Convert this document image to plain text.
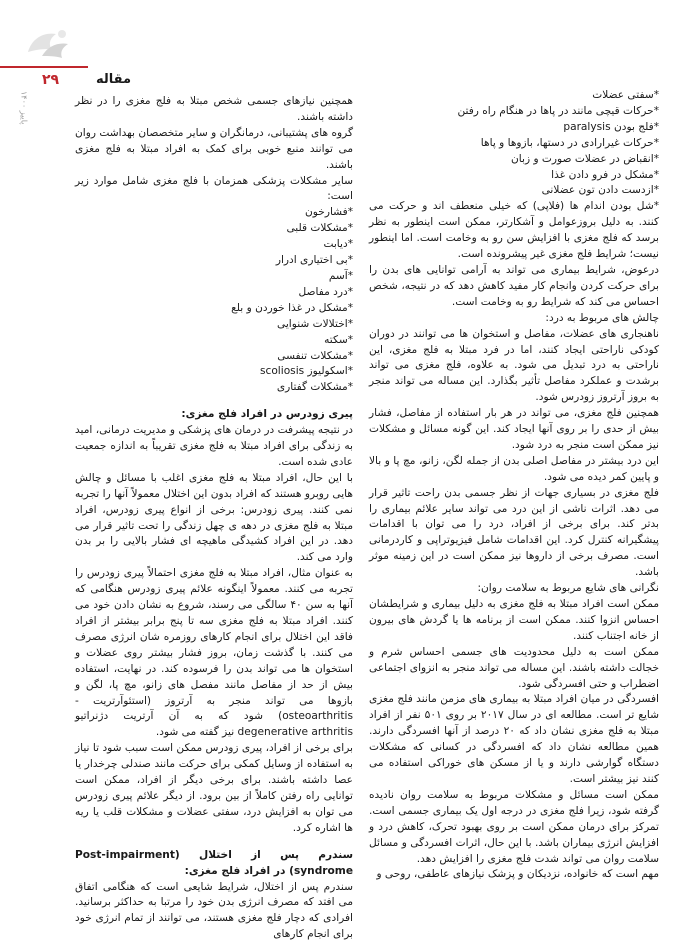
۲۹	مقاله
پاییز ۱۴۰۰

*سفتی عضلات

*حرکات قیچی مانند در پاها در هنگام راه رفتن

*فلج بودن paralysis

*حرکات غیرارادی در دستها، بازوها و پاها

*انقباض در عضلات صورت و زبان

*مشکل در فرو دادن غذا

*ازدست دادن تون عضلانی

*شل بودن اندام ها (فلاپی) که خیلی منعطف اند و حرکت می کنند. به دلیل بروزعوامل و آشکارتر، ممکن است اینطور به نظر برسد که فلج مغزی با افزایش سن رو به وخامت است. اما اینطور نیست؛ شرایط فلج مغزی غیر پیشرونده است.

درعوض، شرایط بیماری می تواند به آرامی توانایی های بدن را برای حرکت کردن وانجام کار مفید کاهش دهد که در نتیجه، شخص احساس می کند که شرایط رو به وخامت است.

چالش های مربوط به درد:

ناهنجاری های عضلات، مفاصل و استخوان ها می توانند در دوران کودکی ناراحتی ایجاد کنند، اما در فرد مبتلا به فلج مغزی، این ناراحتی به درد تبدیل می شود. به علاوه، فلج مغزی می تواند برشدت و عملکرد مفاصل تأثیر بگذارد. این مساله می تواند منجر به بروز آرتروز زودرس شود.

همچنین فلج مغزی، می تواند در هر بار استفاده از مفاصل، فشار بیش از حدی را بر روی آنها ایجاد کند. این گونه مسائل و مشکلات نیز ممکن است منجر به درد شود.

این درد بیشتر در مفاصل اصلی بدن از جمله لگن، زانو، مچ پا و بالا و پایین کمر دیده می شود.

فلج مغزی در بسیاری جهات از نظر جسمی بدن راحت تاثیر قرار می دهد. اثرات ناشی از این درد می تواند سایر علائم بیماری را بدتر کند. برای برخی از افراد، درد را می توان با اقدامات پیشگیرانه کنترل کرد. این اقدامات شامل فیزیوتراپی و کاردرمانی است. مصرف برخی از داروها نیز ممکن است در این زمینه موثر باشد.

نگرانی های شایع مربوط به سلامت روان:

ممکن است افراد مبتلا به فلج مغزی به دلیل بیماری و شرایطشان احساس انزوا کنند. ممکن است از برنامه ها یا گردش های بیرون از خانه اجتناب کنند.

ممکن است به دلیل محدودیت های جسمی احساس شرم و خجالت داشته باشند. این مساله می تواند منجر به انزوای اجتماعی اضطراب و حتی افسردگی شود.

افسردگی در میان افراد مبتلا به بیماری های مزمن مانند فلج مغزی شایع تر است. مطالعه ای در سال ۲۰۱۷ بر روی ۵۰۱ نفر از افراد مبتلا به فلج مغزی نشان داد که ۲۰ درصد از آنها افسردگی دارند. همین مطالعه نشان داد که افسردگی در کسانی که مشکلات دستگاه گوارشی دارند و یا از مسکن های خوراکی استفاده می کنند نیز بیشتر است.

ممکن است مسائل و مشکلات مربوط به سلامت روان نادیده گرفته شود، زیرا فلج مغزی در درجه اول یک بیماری جسمی است. تمرکز برای درمان ممکن است بر روی بهبود تحرک، کاهش درد و افزایش انرژی بیماران باشد. با این حال، اثرات افسردگی و مسائل سلامت روان می تواند شدت فلج مغزی را افزایش دهد.

مهم است که خانواده، نزدیکان و پزشک نیازهای عاطفی، روحی و

همچنین نیازهای جسمی شخص مبتلا به فلج مغزی را در نظر داشته باشند.

گروه های پشتیبانی، درمانگران و سایر متخصصان بهداشت روان می توانند منبع خوبی برای کمک به افراد مبتلا به فلج مغزی باشند.

سایر مشکلات پزشکی همزمان با فلج مغزی شامل موارد زیر است:

*فشارخون

*مشکلات قلبی

*دیابت

*بی اختیاری ادرار

*آسم

*درد مفاصل

*مشکل در غذا خوردن و بلع

*اختلالات شنوایی

*سکته

*مشکلات تنفسی

*اسکولیوز scoliosis

*مشکلات گفتاری

پیری زودرس در افراد فلج مغزی:

در نتیجه پیشرفت در درمان های پزشکی و مدیریت درمانی، امید به زندگی برای افراد مبتلا به فلج مغزی تقریباً به اندازه جمعیت عادی شده است.

با این حال، افراد مبتلا به فلج مغزی اغلب با مسائل و چالش هایی روبرو هستند که افراد بدون این اختلال معمولاً آنها را تجربه نمی کنند. پیری زودرس: برخی از انواع پیری زودرس، افراد مبتلا به فلج مغزی در دهه ی چهل زندگی را تحت تاثیر قرار می دهد. در این افراد کشیدگی ماهیچه ای فشار بالایی را بر بدن وارد می کند.

به عنوان مثال، افراد مبتلا به فلج مغزی احتمالاً پیری زودرس را تجربه می کنند. معمولاً اینگونه علائم پیری زودرس هنگامی که آنها به سن ۴۰ سالگی می رسند، شروع به نشان دادن خود می کنند. افراد مبتلا به فلج مغزی سه تا پنج برابر بیشتر از افراد فاقد این اختلال برای انجام کارهای روزمره شان انرژی مصرف می کنند. با گذشت زمان، بروز فشار بیشتر روی عضلات و استخوان ها می تواند بدن را فرسوده کند. در نهایت، استفاده بیش از حد از مفاصل مانند مفصل های زانو، مچ پا، لگن و بازوها می تواند منجر به آرتروز (استئوآرتریت - osteoarthritis) شود که به آن آرتریت دژنراتیو degenerative arthritis نیز گفته می شود.

برای برخی از افراد، پیری زودرس ممکن است سبب شود تا نیاز به استفاده از وسایل کمکی برای حرکت مانند صندلی چرخدار یا عصا داشته باشند. برای برخی دیگر از افراد، ممکن است توانایی راه رفتن کاملاً از بین برود. از دیگر علائم پیری زودرس می توان به افزایش درد، سفتی عضلات و مشکلات قلب یا ریه ها اشاره کرد.

سندرم پس از اختلال (Post-impairment syndrome) در افراد فلج مغزی:

سندرم پس از اختلال، شرایط شایعی است که هنگامی اتفاق می افتد که مصرف انرژی بدن خود را مرتبا به حداکثر برسانید. افرادی که دچار فلج مغزی هستند، می توانند از تمام انرژی خود برای انجام کارهای
